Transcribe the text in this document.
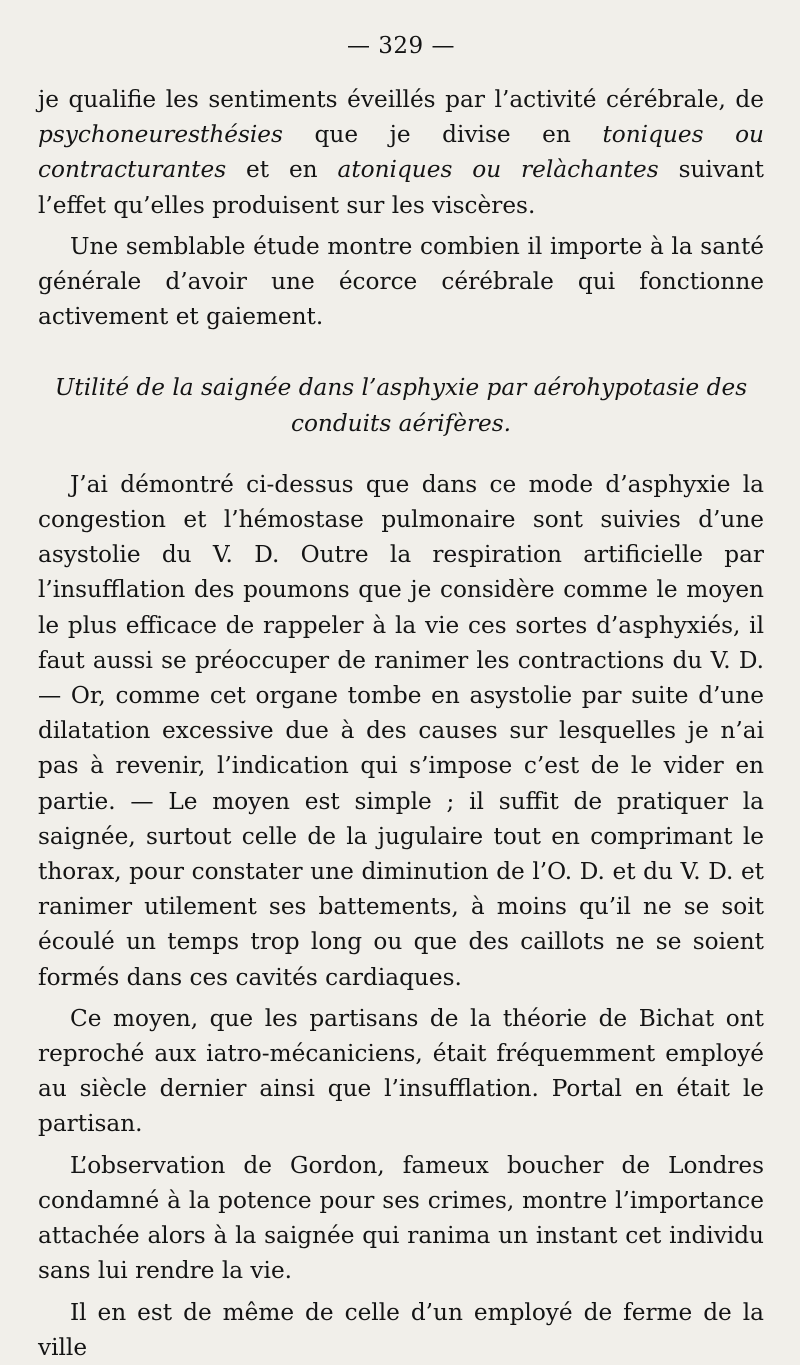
— 329 —

je qualifie les sentiments éveillés par l’activité cérébrale, de psychoneuresthésies que je divise en toniques ou contracturantes et en atoniques ou relàchantes suivant l’effet qu’elles produisent sur les viscères.

Une semblable étude montre combien il importe à la santé générale d’avoir une écorce cérébrale qui fonctionne activement et gaiement.

Utilité de la saignée dans l’asphyxie par aérohypotasie des conduits aérifères.

J’ai démontré ci-dessus que dans ce mode d’asphyxie la congestion et l’hémostase pulmonaire sont suivies d’une asystolie du V. D. Outre la respiration artificielle par l’insufflation des poumons que je considère comme le moyen le plus efficace de rappeler à la vie ces sortes d’asphyxiés, il faut aussi se préoccuper de ranimer les contractions du V. D. — Or, comme cet organe tombe en asystolie par suite d’une dilatation excessive due à des causes sur lesquelles je n’ai pas à revenir, l’indication qui s’impose c’est de le vider en partie. — Le moyen est simple ; il suffit de pratiquer la saignée, surtout celle de la jugulaire tout en comprimant le thorax, pour constater une diminution de l’O. D. et du V. D. et ranimer utilement ses battements, à moins qu’il ne se soit écoulé un temps trop long ou que des caillots ne se soient formés dans ces cavités cardiaques.

Ce moyen, que les partisans de la théorie de Bichat ont reproché aux iatro-mécaniciens, était fréquemment employé au siècle dernier ainsi que l’insufflation. Portal en était le partisan.

L’observation de Gordon, fameux boucher de Londres condamné à la potence pour ses crimes, montre l’importance attachée alors à la saignée qui ranima un instant cet individu sans lui rendre la vie.

Il en est de même de celle d’un employé de ferme de la ville
